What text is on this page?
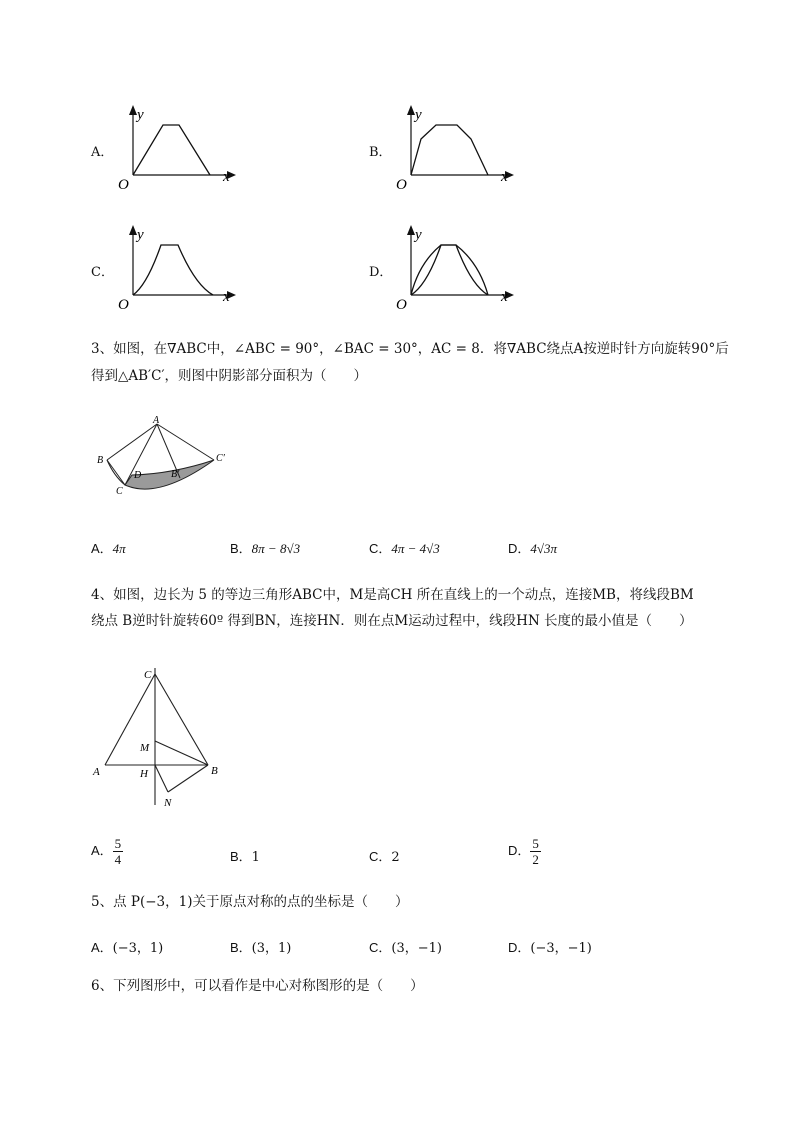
A．
y
x
O
B．
y
x
O
C．
y
x
O
D．
y
x
O
3、如图，在∇ABC中，∠ABC = 90°，∠BAC = 30°，AC = 8．将∇ABC绕点A按逆时针方向旋转90°后
得到△AB′C′，则图中阴影部分面积为（　　）
A
B
C
D	B′
C′
A．4π	B．8π − 8√3	C．4π − 4√3	D．4√3π
4、如图，边长为 5 的等边三角形ABC中，M是高CH 所在直线上的一个动点，连接MB，将线段BM
绕点 B逆时针旋转60º 得到BN，连接HN．则在点M运动过程中，线段HN 长度的最小值是（　　）
C
M
A	H	B
N
A． $\frac{5}{4}$	B．1	C．2	D． $\frac{5}{2}$
5、点 P(−3，1)关于原点对称的点的坐标是（　　）
A．(−3，1)	B．(3，1)	C．(3，−1)	D．(−3，−1)
6、下列图形中，可以看作是中心对称图形的是（　　）
